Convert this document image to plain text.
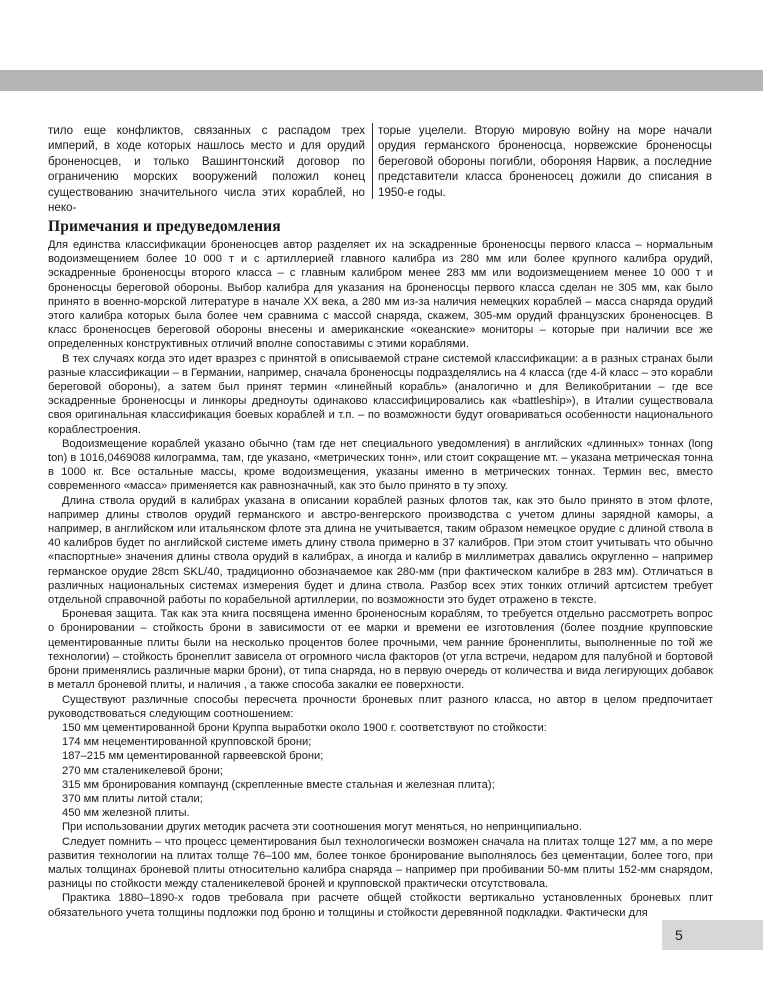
тило еще конфликтов, связанных с распадом трех империй, в ходе которых нашлось место и для орудий броненосцев, и только Вашингтонский договор по ограничению морских вооружений положил конец существованию значительного числа этих кораблей, но неко-

торые уцелели. Вторую мировую войну на море начали орудия германского броненосца, норвежские броненосцы береговой обороны погибли, обороняя Нарвик, а последние представители класса броненосец дожили до списания в 1950-е годы.

Примечания и предуведомления

Для единства классификации броненосцев автор разделяет их на эскадренные броненосцы первого класса – нормальным водоизмещением более 10 000 т и с артиллерией главного калибра из 280 мм или более крупного калибра орудий, эскадренные броненосцы второго класса – с главным калибром менее 283 мм или водоизмещением менее 10 000 т и броненосцы береговой обороны. Выбор калибра для указания на броненосцы первого класса сделан не 305 мм, как было принято в военно-морской литературе в начале XX века, а 280 мм из-за наличия немецких кораблей – масса снаряда орудий этого калибра которых была более чем сравнима с массой снаряда, скажем, 305-мм орудий французских броненосцев. В класс броненосцев береговой обороны внесены и американские «океанские» мониторы – которые при наличии все же определенных конструктивных отличий вполне сопоставимы с этими кораблями.

В тех случаях когда это идет вразрез с принятой в описываемой стране системой классификации: а в разных странах были разные классификации – в Германии, например, сначала броненосцы подразделялись на 4 класса (где 4-й класс – это корабли береговой обороны), а затем был принят термин «линейный корабль» (аналогично и для Великобритании – где все эскадренные броненосцы и линкоры дредноуты одинаково классифицировались как «battleship»), в Италии существовала своя оригинальная классификация боевых кораблей и т.п. – по возможности будут оговариваться особенности национального кораблестроения.

Водоизмещение кораблей указано обычно (там где нет специального уведомления) в английских «длинных» тоннах (long ton) в 1016,0469088 килограмма, там, где указано, «метрических тонн», или стоит сокращение мт. – указана метрическая тонна в 1000 кг. Все остальные массы, кроме водоизмещения, указаны именно в метрических тоннах. Термин вес, вместо современного «масса» применяется как равнозначный, как это было принято в ту эпоху.

Длина ствола орудий в калибрах указана в описании кораблей разных флотов так, как это было принято в этом флоте, например длины стволов орудий германского и австро-венгерского производства с учетом длины зарядной каморы, а например, в английском или итальянском флоте эта длина не учитывается, таким образом немецкое орудие с длиной ствола в 40 калибров будет по английской системе иметь длину ствола примерно в 37 калибров. При этом стоит учитывать что обычно «паспортные» значения длины ствола орудий в калибрах, а иногда и калибр в миллиметрах давались округленно – например германское орудие 28cm SKL/40, традиционно обозначаемое как 280-мм (при фактическом калибре в 283 мм). Отличаться в различных национальных системах измерения будет и длина ствола. Разбор всех этих тонких отличий артсистем требует отдельной справочной работы по корабельной артиллерии, по возможности это будет отражено в тексте.

Броневая защита. Так как эта книга посвящена именно броненосным кораблям, то требуется отдельно рассмотреть вопрос о бронировании – стойкость брони в зависимости от ее марки и времени ее изготовления (более поздние крупповские цементированные плиты были на несколько процентов более прочными, чем ранние броненплиты, выполненные по той же технологии) – стойкость бронеплит зависела от огромного числа факторов (от угла встречи, недаром для палубной и бортовой брони применялись различные марки брони), от типа снаряда, но в первую очередь от количества и вида легирующих добавок в металл броневой плиты, и наличия , а также способа закалки ее поверхности.

Существуют различные способы пересчета прочности броневых плит разного класса, но автор в целом предпочитает руководствоваться следующим соотношением:

150 мм цементированной брони Круппа выработки около 1900 г. соответствуют по стойкости:

174 мм нецементированной крупповской брони;

187–215 мм цементированной гарвеевской брони;

270 мм сталеникелевой брони;

315 мм бронирования компаунд (скрепленные вместе стальная и железная плита);

370 мм плиты литой стали;

450 мм железной плиты.

При использовании других методик расчета эти соотношения могут меняться, но непринципиально.

Следует помнить – что процесс цементирования был технологически возможен сначала на плитах толще 127 мм, а по мере развития технологии на плитах толще 76–100 мм, более тонкое бронирование выполнялось без цементации, более того, при малых толщинах броневой плиты относительно калибра снаряда – например при пробивании 50-мм плиты 152-мм снарядом, разницы по стойкости между сталеникелевой броней и крупповской практически отсутствовала.

Практика 1880–1890-х годов требовала при расчете общей стойкости вертикально установленных броневых плит обязательного учета толщины подложки под броню и толщины и стойкости деревянной подкладки. Фактически для

5
